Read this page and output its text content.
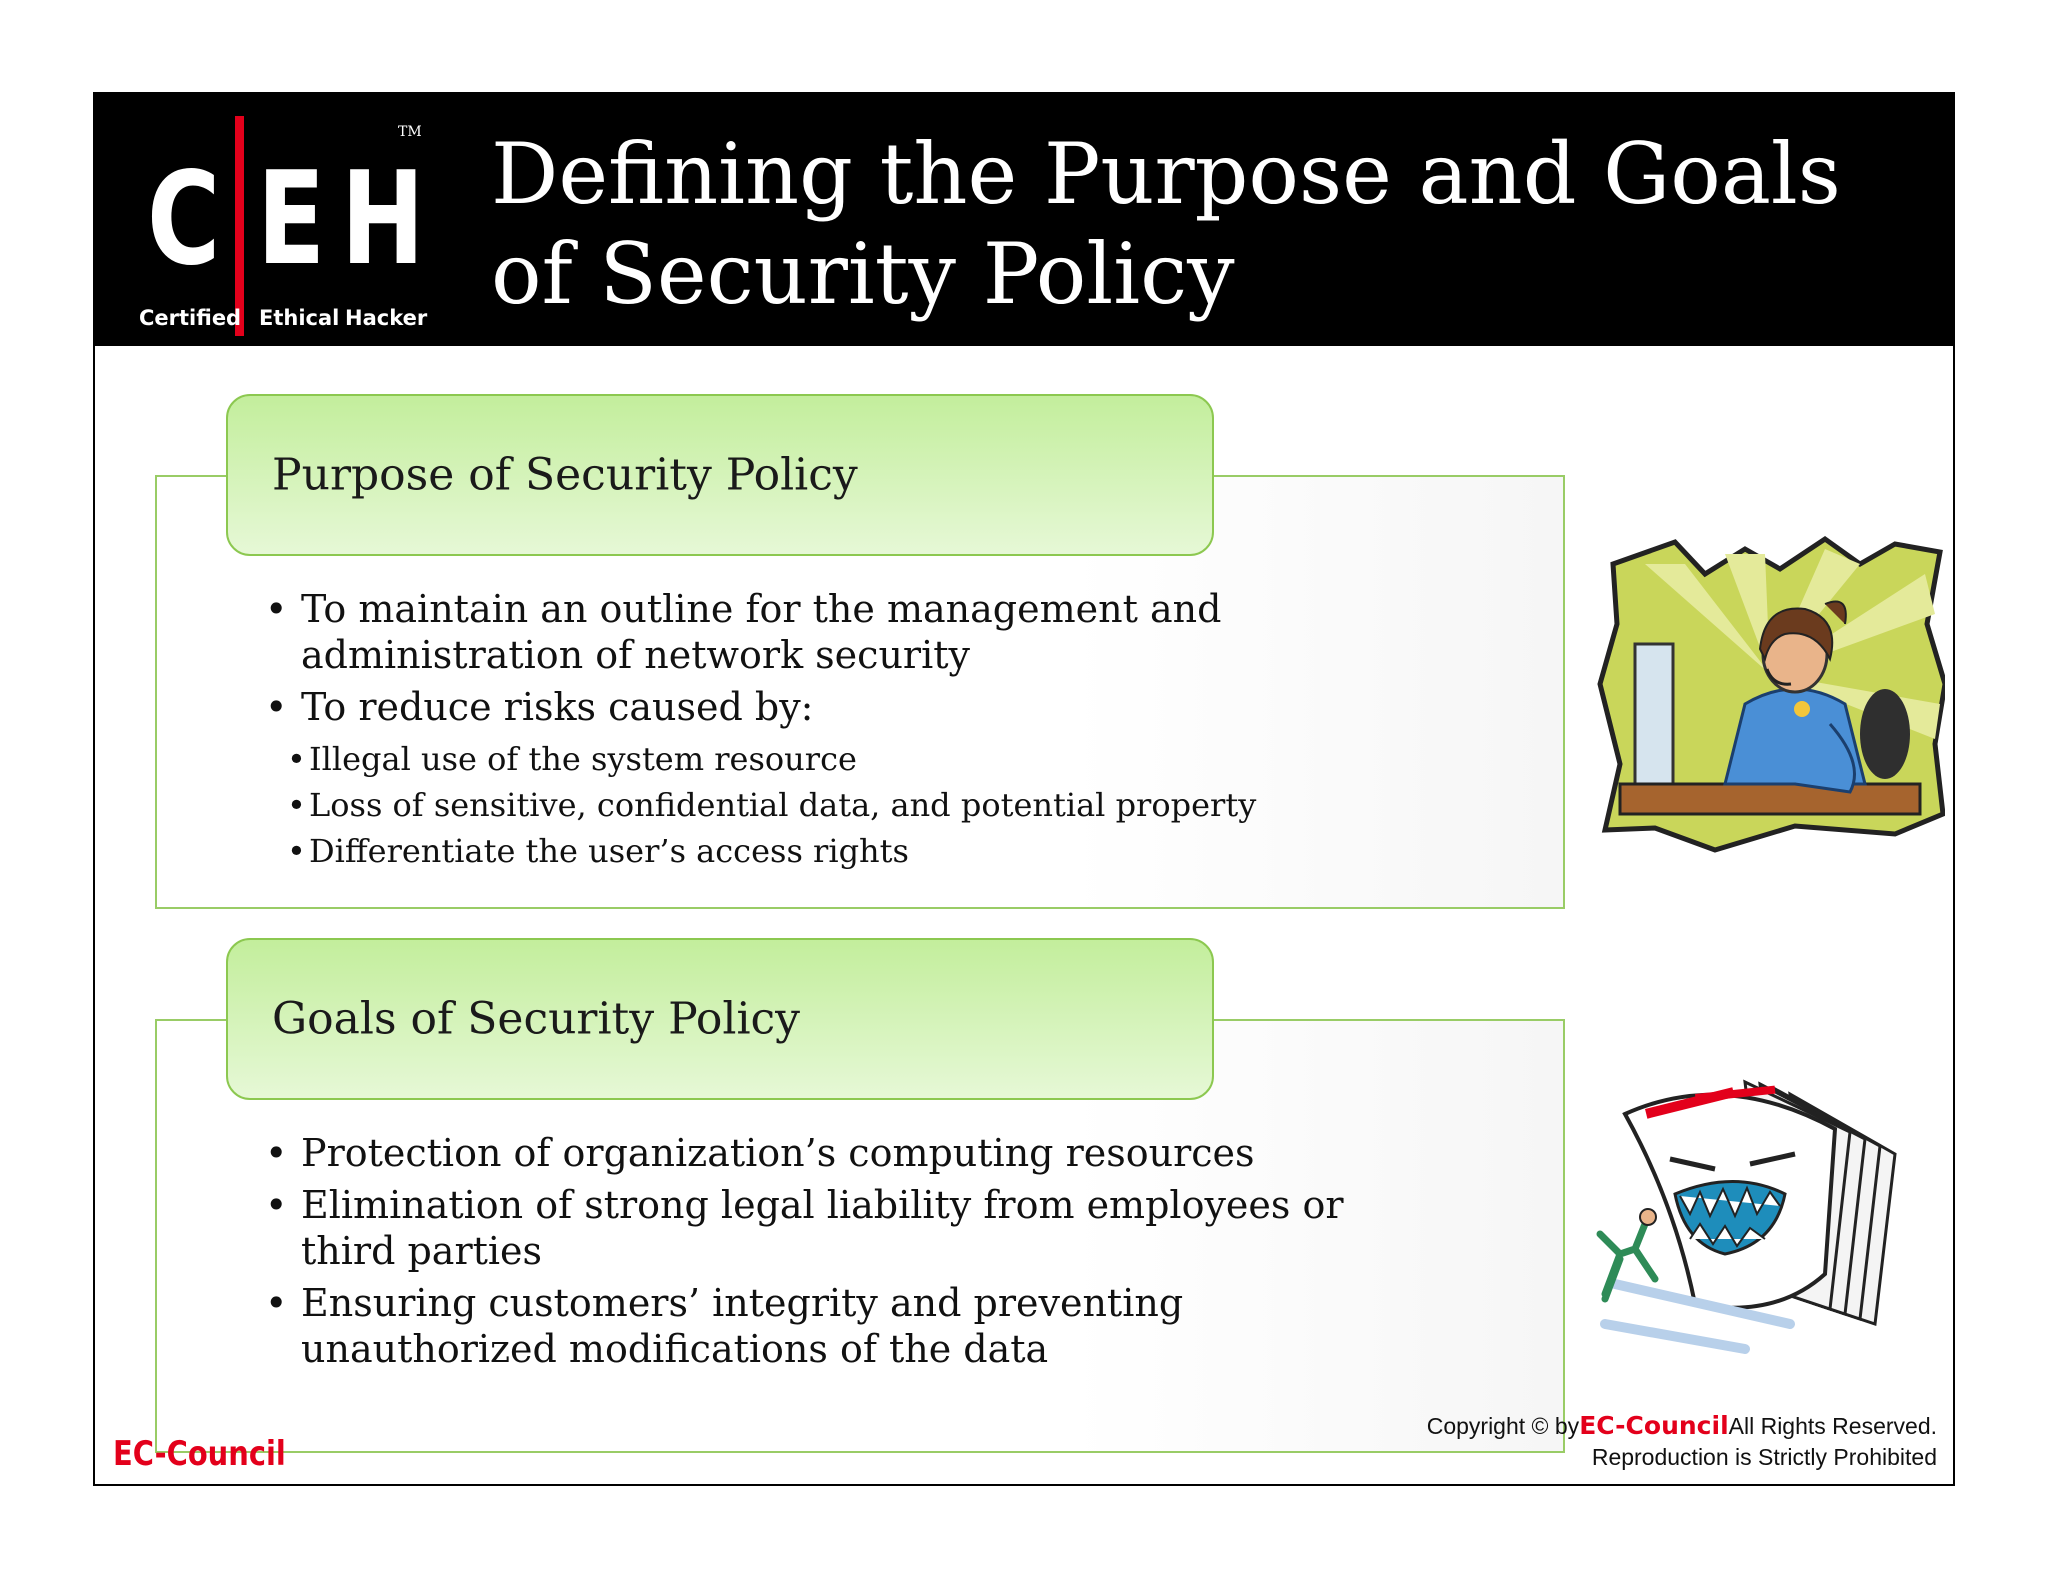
C E H
TM
Certified Ethical Hacker
Defining the Purpose and Goals
of Security Policy
Purpose of Security Policy
• To maintain an outline for the management and administration of network security
• To reduce risks caused by:
• Illegal use of the system resource
• Loss of sensitive, confidential data, and potential property
• Differentiate the user’s access rights
Goals of Security Policy
• Protection of organization’s computing resources
• Elimination of strong legal liability from employees or third parties
• Ensuring customers’ integrity and preventing unauthorized modifications of the data
EC-Council
Copyright © byEC-CouncilAll Rights Reserved.
Reproduction is Strictly Prohibited
